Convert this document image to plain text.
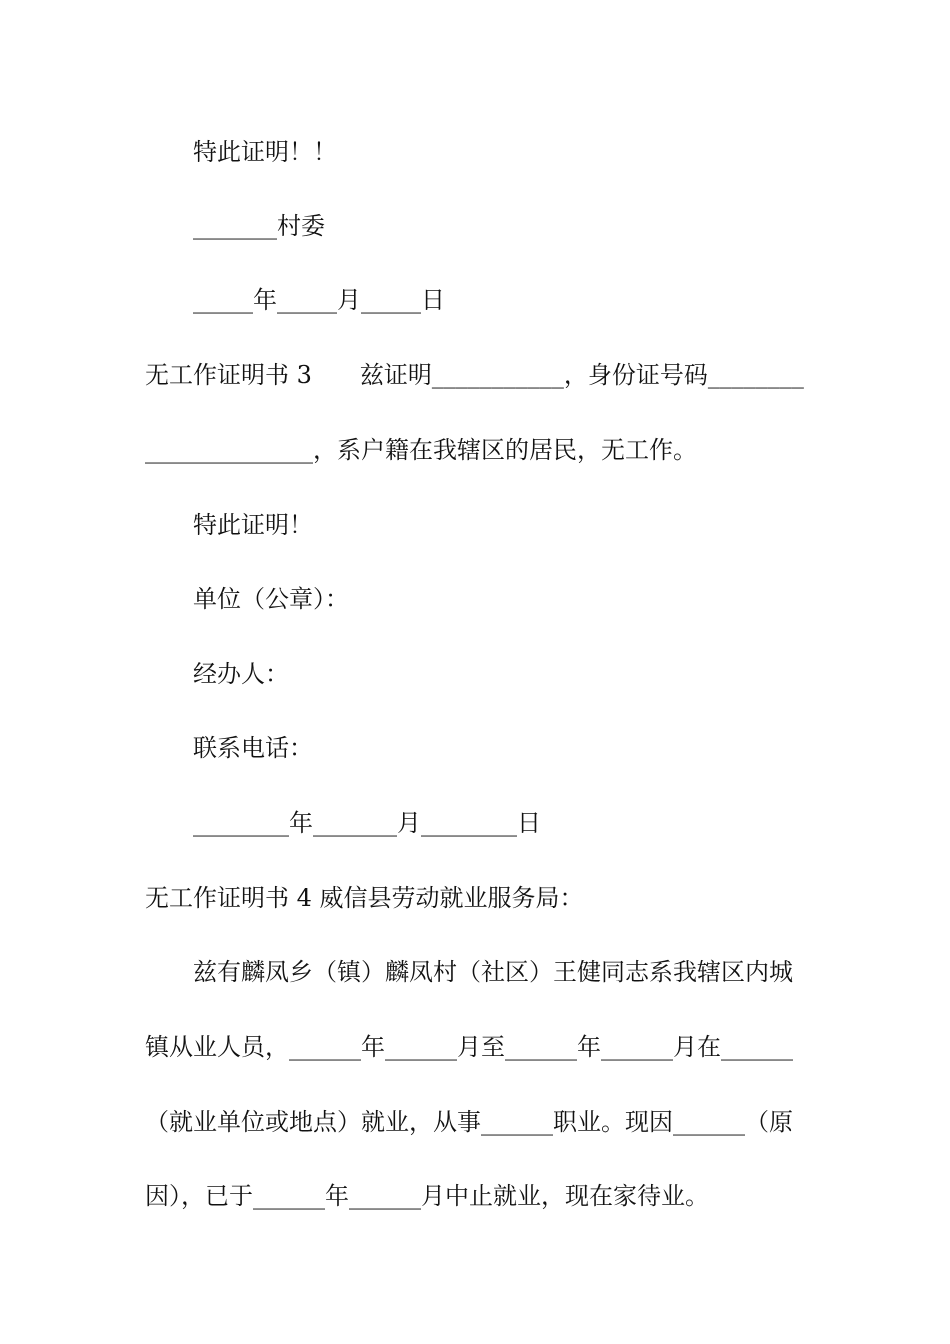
特此证明！！
_______村委
_____年_____月_____日
无工作证明书 3　　兹证明___________，身份证号码________
______________，系户籍在我辖区的居民，无工作。
特此证明！
单位（公章）：
经办人：
联系电话：
________年_______月________日
无工作证明书 4 威信县劳动就业服务局：
兹有麟凤乡（镇）麟凤村（社区）王健同志系我辖区内城
镇从业人员，______年______月至______年______月在______
（就业单位或地点）就业，从事______职业。现因______（原
因），已于______年______月中止就业，现在家待业。
